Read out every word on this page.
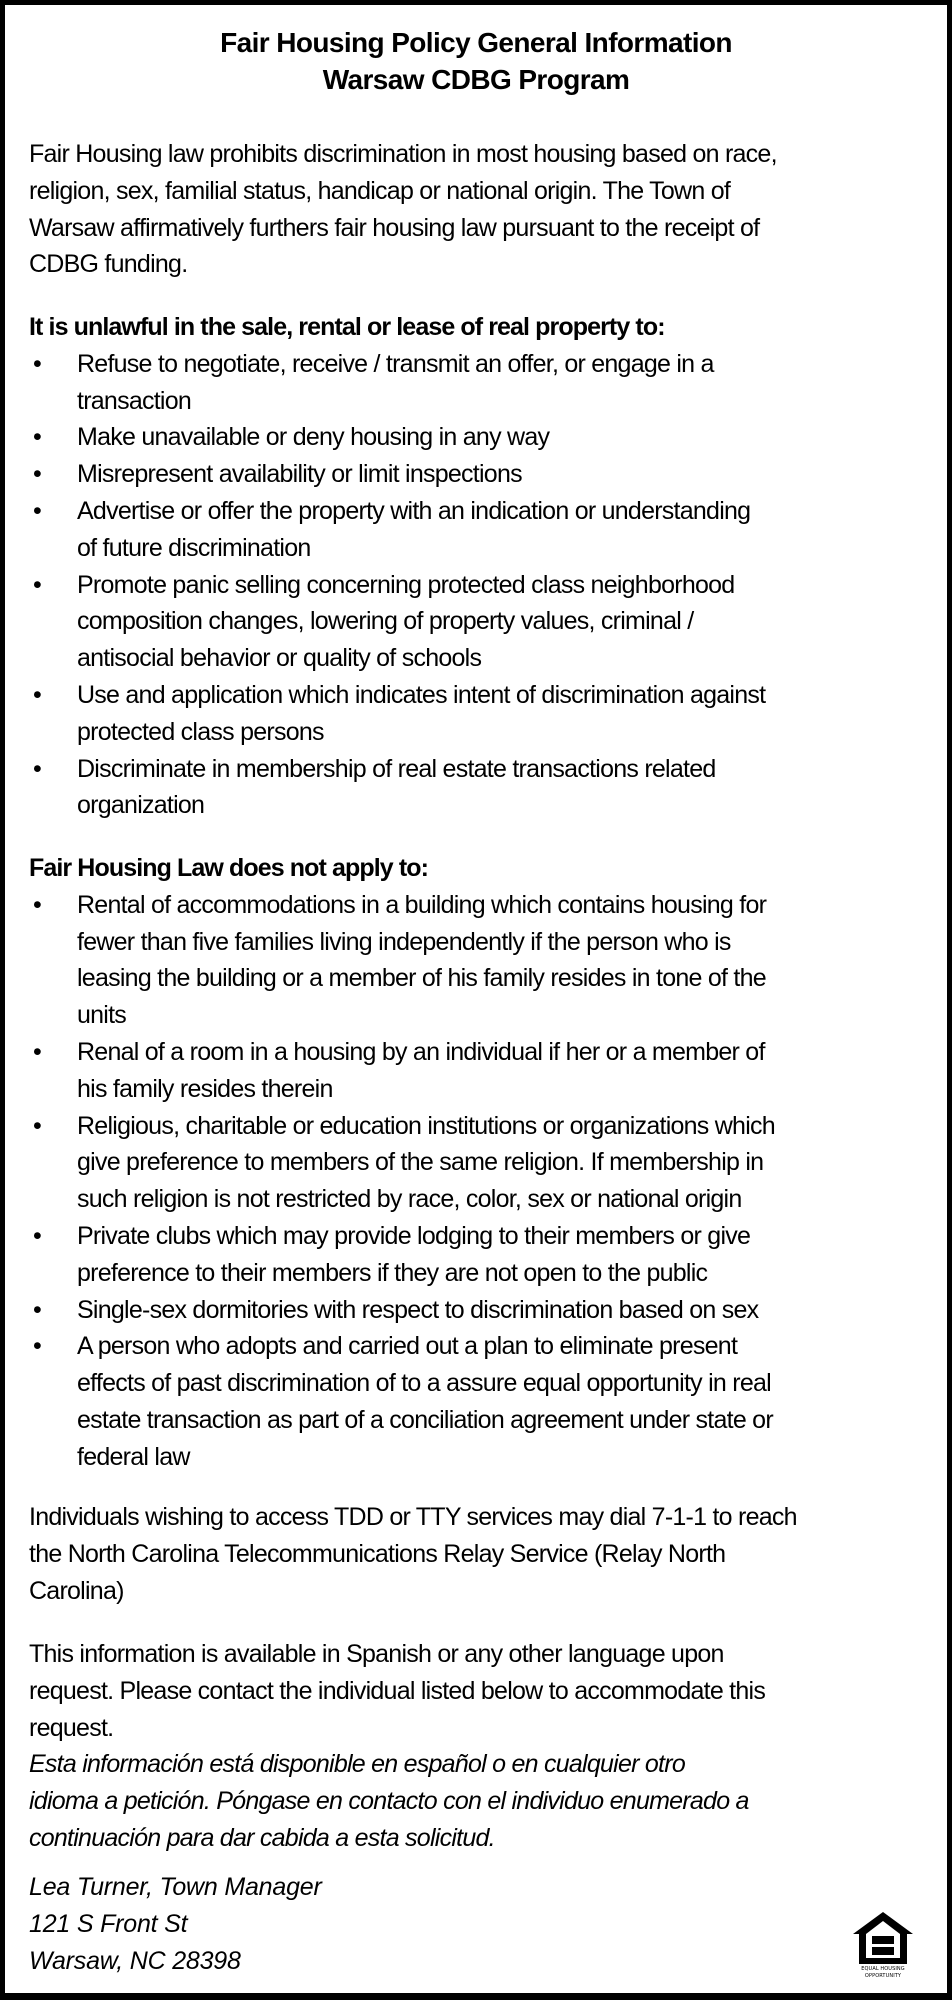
Fair Housing Policy General Information
Warsaw CDBG Program
Fair Housing law prohibits discrimination in most housing based on race,
religion, sex, familial status, handicap or national origin. The Town of
Warsaw affirmatively furthers fair housing law pursuant to the receipt of
CDBG funding.
It is unlawful in the sale, rental or lease of real property to:
•	Refuse to negotiate, receive / transmit an offer, or engage in a
transaction
•	Make unavailable or deny housing in any way
•	Misrepresent availability or limit inspections
•	Advertise or offer the property with an indication or understanding
of future discrimination
•	Promote panic selling concerning protected class neighborhood
composition changes, lowering of property values, criminal /
antisocial behavior or quality of schools
•	Use and application which indicates intent of discrimination against
protected class persons
•	Discriminate in membership of real estate transactions related
organization
Fair Housing Law does not apply to:
•	Rental of accommodations in a building which contains housing for
fewer than five families living independently if the person who is
leasing the building or a member of his family resides in tone of the
units
•	Renal of a room in a housing by an individual if her or a member of
his family resides therein
•	Religious, charitable or education institutions or organizations which
give preference to members of the same religion. If membership in
such religion is not restricted by race, color, sex or national origin
•	Private clubs which may provide lodging to their members or give
preference to their members if they are not open to the public
•	Single-sex dormitories with respect to discrimination based on sex
•	A person who adopts and carried out a plan to eliminate present
effects of past discrimination of to a assure equal opportunity in real
estate transaction as part of a conciliation agreement under state or
federal law
Individuals wishing to access TDD or TTY services may dial 7-1-1 to reach
the North Carolina Telecommunications Relay Service (Relay North
Carolina)
This information is available in Spanish or any other language upon
request. Please contact the individual listed below to accommodate this
request.
Esta información está disponible en español o en cualquier otro
idioma a petición. Póngase en contacto con el individuo enumerado a
continuación para dar cabida a esta solicitud.
Lea Turner, Town Manager
121 S Front St
Warsaw, NC 28398	EQUAL HOUSING
OPPORTUNITY
